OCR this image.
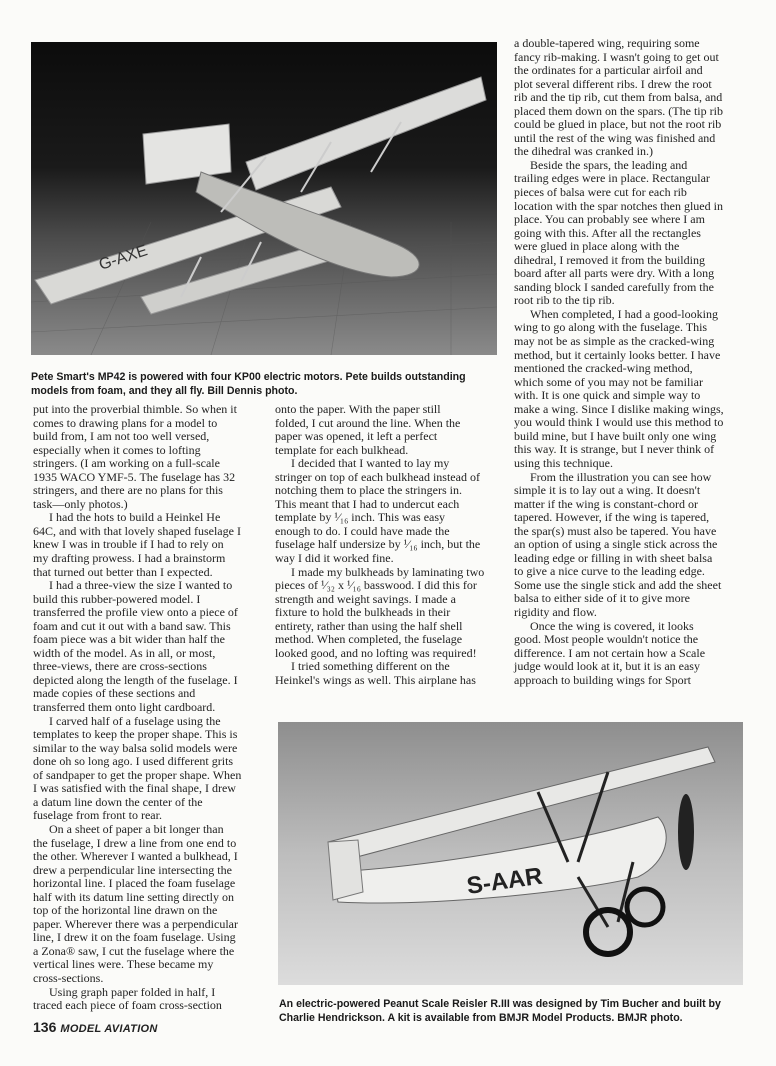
G-AXE
Pete Smart's MP42 is powered with four KP00 electric motors. Pete builds outstanding
models from foam, and they all fly. Bill Dennis photo.

put into the proverbial thimble. So when it
comes to drawing plans for a model to
build from, I am not too well versed,
especially when it comes to lofting
stringers. (I am working on a full-scale
1935 WACO YMF-5. The fuselage has 32
stringers, and there are no plans for this
task—only photos.)

I had the hots to build a Heinkel He
64C, and with that lovely shaped fuselage I
knew I was in trouble if I had to rely on
my drafting prowess. I had a brainstorm
that turned out better than I expected.

I had a three-view the size I wanted to
build this rubber-powered model. I
transferred the profile view onto a piece of
foam and cut it out with a band saw. This
foam piece was a bit wider than half the
width of the model. As in all, or most,
three-views, there are cross-sections
depicted along the length of the fuselage. I
made copies of these sections and
transferred them onto light cardboard.

I carved half of a fuselage using the
templates to keep the proper shape. This is
similar to the way balsa solid models were
done oh so long ago. I used different grits
of sandpaper to get the proper shape. When
I was satisfied with the final shape, I drew
a datum line down the center of the
fuselage from front to rear.

On a sheet of paper a bit longer than
the fuselage, I drew a line from one end to
the other. Wherever I wanted a bulkhead, I
drew a perpendicular line intersecting the
horizontal line. I placed the foam fuselage
half with its datum line setting directly on
top of the horizontal line drawn on the
paper. Wherever there was a perpendicular
line, I drew it on the foam fuselage. Using
a Zona® saw, I cut the fuselage where the
vertical lines were. These became my
cross-sections.

Using graph paper folded in half, I
traced each piece of foam cross-section

onto the paper. With the paper still
folded, I cut around the line. When the
paper was opened, it left a perfect
template for each bulkhead.

I decided that I wanted to lay my
stringer on top of each bulkhead instead of
notching them to place the stringers in.
This meant that I had to undercut each
template by ¹⁄₁₆ inch. This was easy
enough to do. I could have made the
fuselage half undersize by ¹⁄₁₆ inch, but the
way I did it worked fine.

I made my bulkheads by laminating two
pieces of ¹⁄₃₂ x ¹⁄₁₆ basswood. I did this for
strength and weight savings. I made a
fixture to hold the bulkheads in their
entirety, rather than using the half shell
method. When completed, the fuselage
looked good, and no lofting was required!

I tried something different on the
Heinkel's wings as well. This airplane has

a double-tapered wing, requiring some
fancy rib-making. I wasn't going to get out
the ordinates for a particular airfoil and
plot several different ribs. I drew the root
rib and the tip rib, cut them from balsa, and
placed them down on the spars. (The tip rib
could be glued in place, but not the root rib
until the rest of the wing was finished and
the dihedral was cranked in.)

Beside the spars, the leading and
trailing edges were in place. Rectangular
pieces of balsa were cut for each rib
location with the spar notches then glued in
place. You can probably see where I am
going with this. After all the rectangles
were glued in place along with the
dihedral, I removed it from the building
board after all parts were dry. With a long
sanding block I sanded carefully from the
root rib to the tip rib.

When completed, I had a good-looking
wing to go along with the fuselage. This
may not be as simple as the cracked-wing
method, but it certainly looks better. I have
mentioned the cracked-wing method,
which some of you may not be familiar
with. It is one quick and simple way to
make a wing. Since I dislike making wings,
you would think I would use this method to
build mine, but I have built only one wing
this way. It is strange, but I never think of
using this technique.

From the illustration you can see how
simple it is to lay out a wing. It doesn't
matter if the wing is constant-chord or
tapered. However, if the wing is tapered,
the spar(s) must also be tapered. You have
an option of using a single stick across the
leading edge or filling in with sheet balsa
to give a nice curve to the leading edge.
Some use the single stick and add the sheet
balsa to either side of it to give more
rigidity and flow.

Once the wing is covered, it looks
good. Most people wouldn't notice the
difference. I am not certain how a Scale
judge would look at it, but it is an easy
approach to building wings for Sport

S-AAR
An electric-powered Peanut Scale Reisler R.III was designed by Tim Bucher and built by
Charlie Hendrickson. A kit is available from BMJR Model Products. BMJR photo.
136 MODEL AVIATION
